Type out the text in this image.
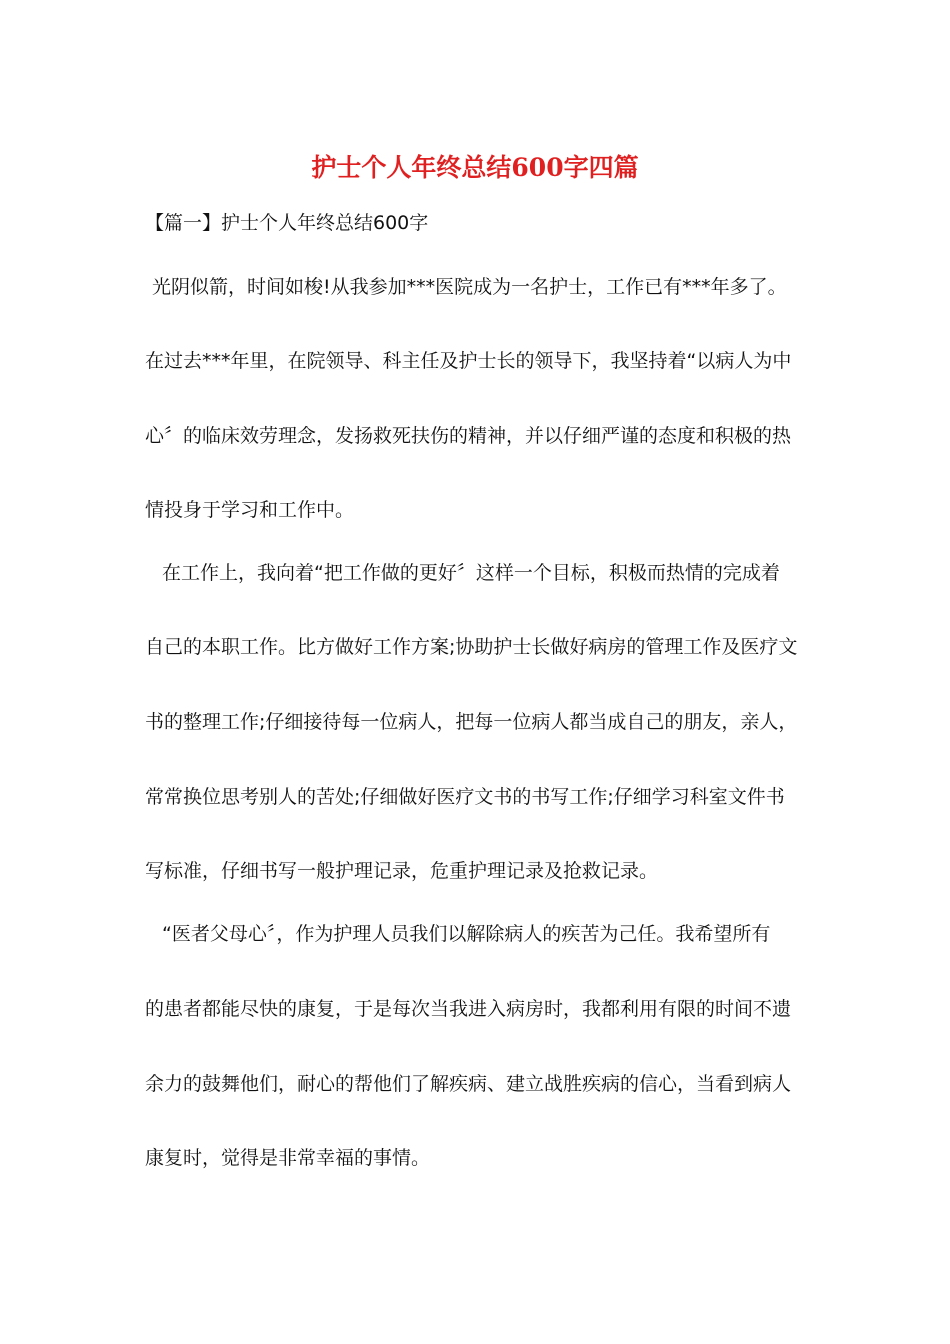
护士个人年终总结600字四篇
【篇一】护士个人年终总结600字
光阴似箭，时间如梭!从我参加***医院成为一名护士，工作已有***年多了。
在过去***年里，在院领导、科主任及护士长的领导下，我坚持着“以病人为中
心〞的临床效劳理念，发扬救死扶伤的精神，并以仔细严谨的态度和积极的热
情投身于学习和工作中。
在工作上，我向着“把工作做的更好〞这样一个目标，积极而热情的完成着
自己的本职工作。比方做好工作方案;协助护士长做好病房的管理工作及医疗文
书的整理工作;仔细接待每一位病人，把每一位病人都当成自己的朋友，亲人，
常常换位思考别人的苦处;仔细做好医疗文书的书写工作;仔细学习科室文件书
写标准，仔细书写一般护理记录，危重护理记录及抢救记录。
“医者父母心〞，作为护理人员我们以解除病人的疾苦为己任。我希望所有
的患者都能尽快的康复，于是每次当我进入病房时，我都利用有限的时间不遗
余力的鼓舞他们，耐心的帮他们了解疾病、建立战胜疾病的信心，当看到病人
康复时，觉得是非常幸福的事情。
